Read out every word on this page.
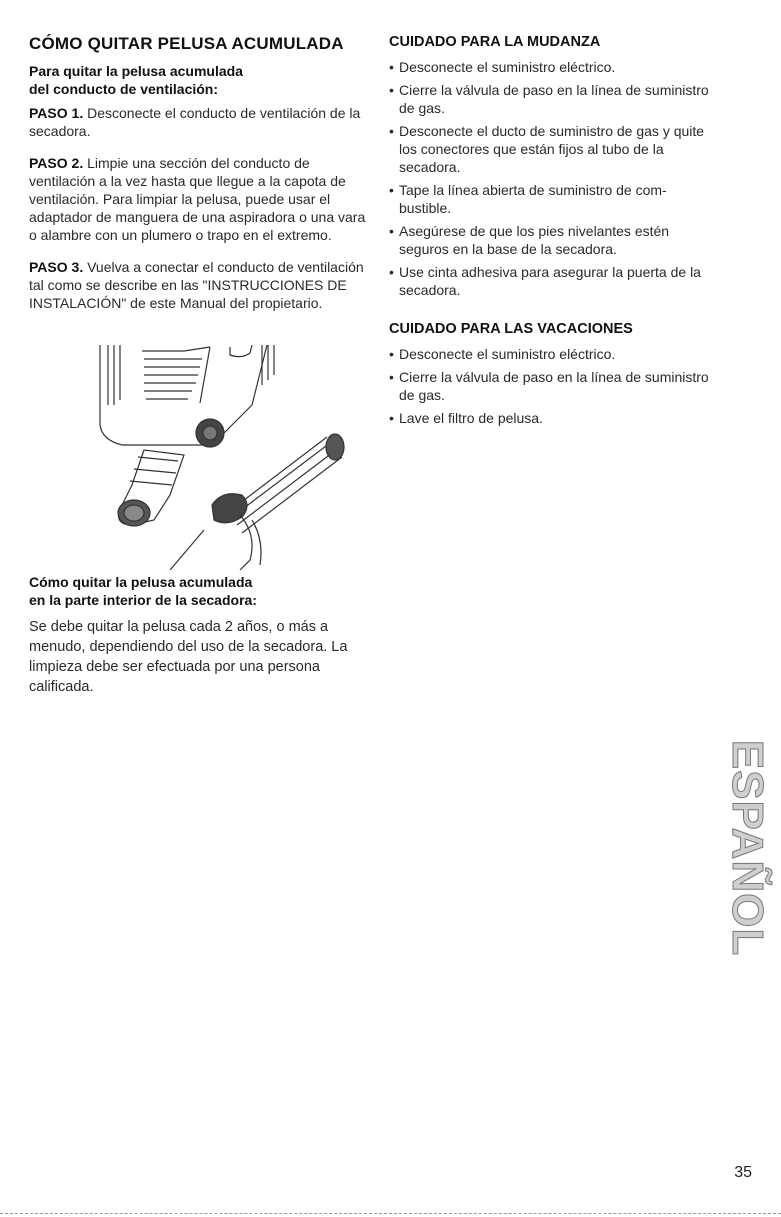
CÓMO QUITAR PELUSA ACUMULADA
Para quitar la pelusa acumulada
del conducto de ventilación:

PASO 1. Desconecte el conducto de ventilación de la secadora.

PASO 2. Limpie una sección del conducto de ventilación a la vez hasta que llegue a la capota de ventilación. Para limpiar la pelusa, puede usar el adaptador de manguera de una aspiradora o una vara o alambre con un plumero o trapo en el extremo.

PASO 3. Vuelva a conectar el conducto de ventilación tal como se describe en las "INSTRUCCIONES DE INSTALACIÓN" de este Manual del propietario.

Cómo quitar la pelusa acumulada
en la parte interior de la secadora:

Se debe quitar la pelusa cada 2 años, o más a menudo, dependiendo del uso de la secadora. La limpieza debe ser efectuada por una persona calificada.

CUIDADO PARA LA MUDANZA
• Desconecte el suministro eléctrico.
• Cierre la válvula de paso en la línea de suministro de gas.
• Desconecte el ducto de suministro de gas y quite los conectores que están fijos al tubo de la secadora.
• Tape la línea abierta de suministro de com- bustible.
• Asegúrese de que los pies nivelantes estén seguros en la base de la secadora.
• Use cinta adhesiva para asegurar la puerta de la secadora.
CUIDADO PARA LAS VACACIONES
• Desconecte el suministro eléctrico.
• Cierre la válvula de paso en la línea de suministro de gas.
• Lave el filtro de pelusa.
ESPAÑOL
35
